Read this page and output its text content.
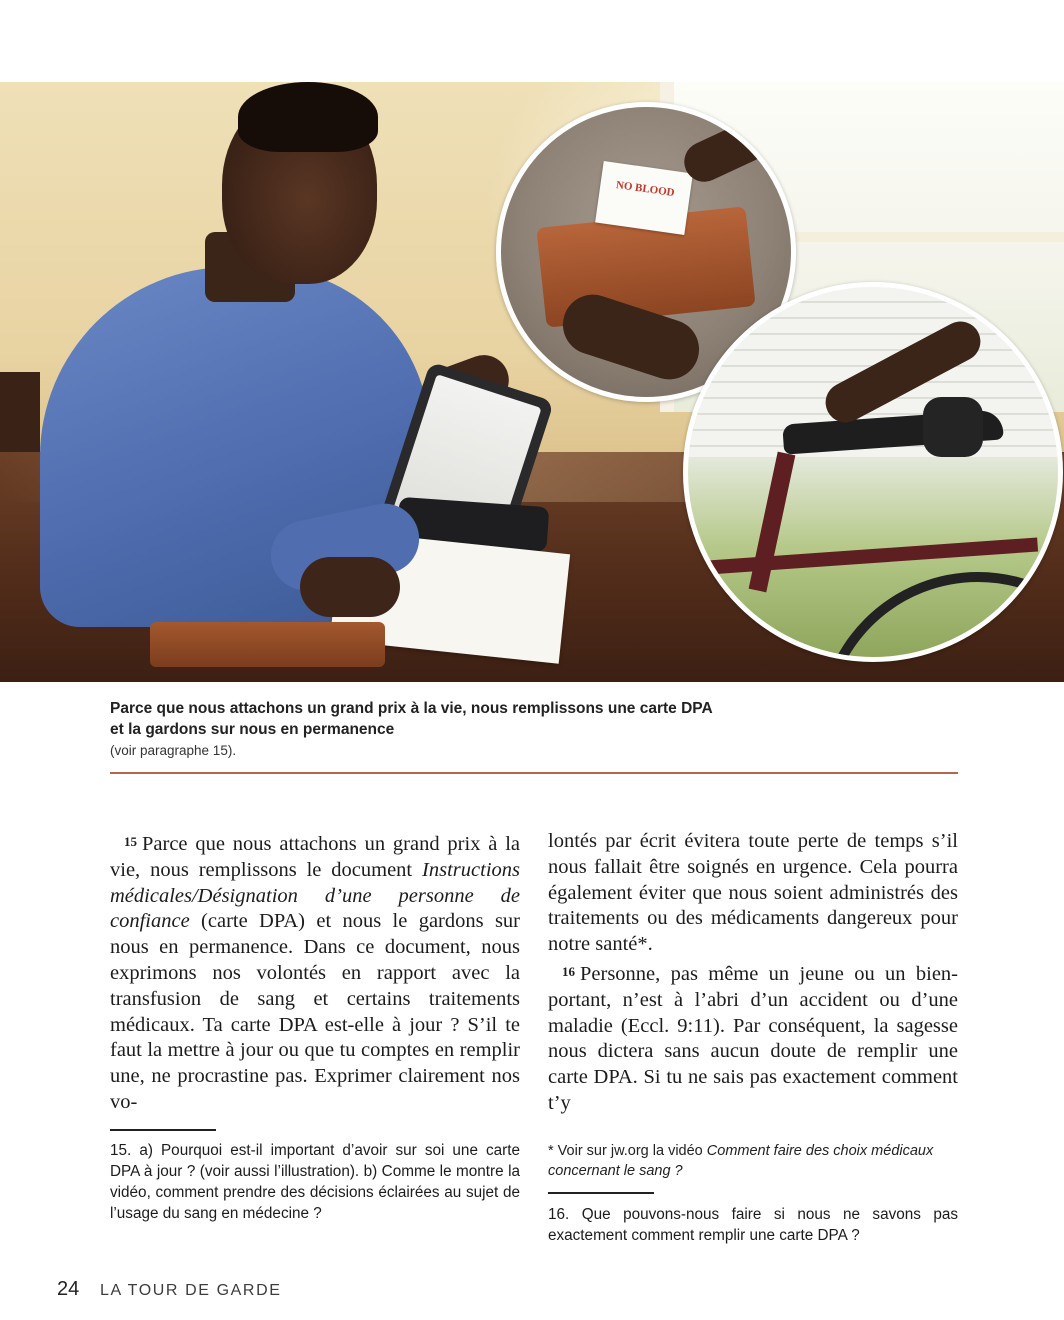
NO BLOOD
Parce que nous attachons un grand prix à la vie, nous remplissons une carte DPA
et la gardons sur nous en permanence
(voir paragraphe 15).

15 Parce que nous attachons un grand prix à la vie, nous remplissons le document Instructions médicales/Désignation d’une personne de confiance (carte DPA) et nous le gardons sur nous en permanence. Dans ce document, nous exprimons nos volontés en rapport avec la transfusion de sang et certains traitements médicaux. Ta carte DPA est-elle à jour ? S’il te faut la mettre à jour ou que tu comptes en remplir une, ne procrastine pas. Exprimer clairement nos vo-

lontés par écrit évitera toute perte de temps s’il nous fallait être soignés en urgence. Cela pourra également éviter que nous soient administrés des traitements ou des médicaments dangereux pour notre santé*.

16 Personne, pas même un jeune ou un bien-portant, n’est à l’abri d’un accident ou d’une maladie (Eccl. 9:11). Par conséquent, la sagesse nous dictera sans aucun doute de remplir une carte DPA. Si tu ne sais pas exactement comment t’y

15. a) Pourquoi est-il important d’avoir sur soi une carte DPA à jour ? (voir aussi l’illustration). b) Comme le montre la vidéo, comment prendre des décisions éclairées au sujet de l’usage du sang en médecine ?
* Voir sur jw.org la vidéo Comment faire des choix médicaux concernant le sang ?
16. Que pouvons-nous faire si nous ne savons pas exactement comment remplir une carte DPA ?
24 LA TOUR DE GARDE
